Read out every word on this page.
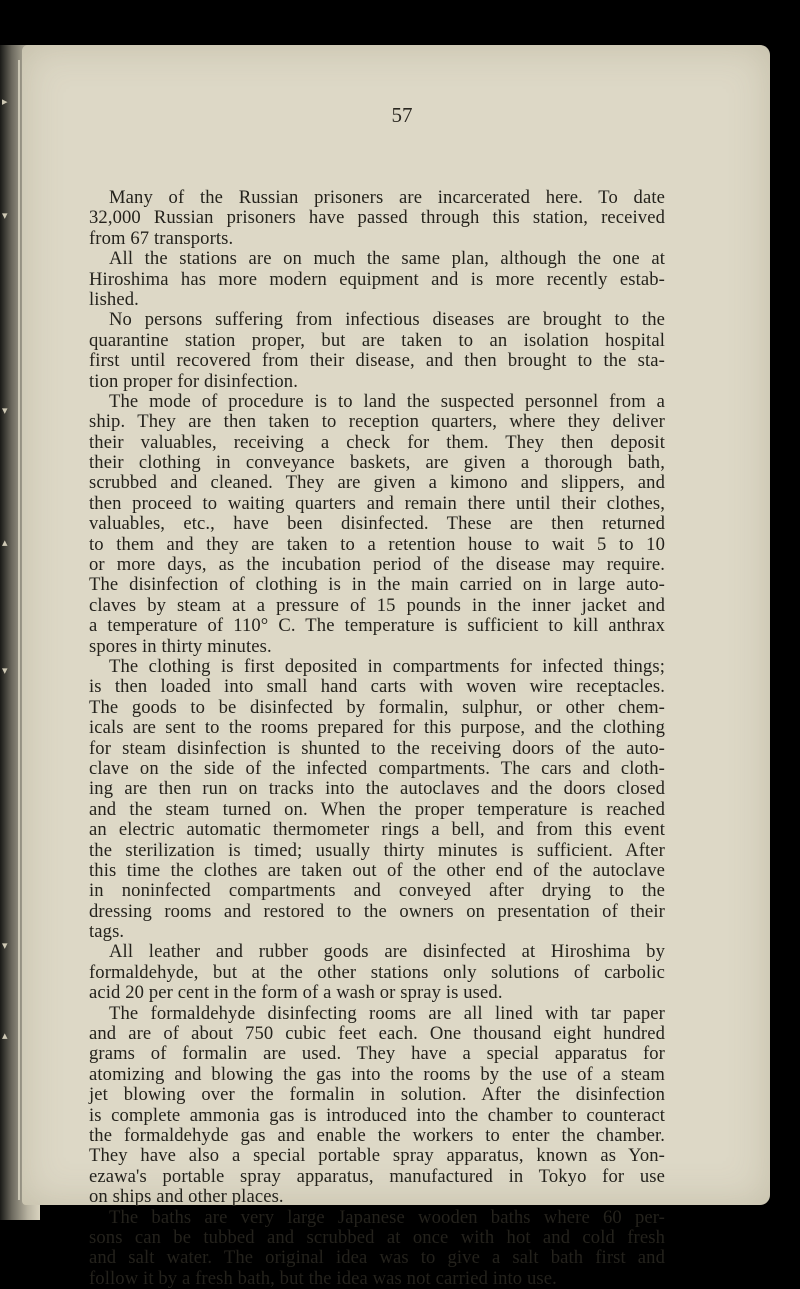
▸
▾
▾
▴
▾
▾
▴
57
Many of the Russian prisoners are incarcerated here. To date
32,000 Russian prisoners have passed through this station, received
from 67 transports.
All the stations are on much the same plan, although the one at
Hiroshima has more modern equipment and is more recently estab-
lished.
No persons suffering from infectious diseases are brought to the
quarantine station proper, but are taken to an isolation hospital
first until recovered from their disease, and then brought to the sta-
tion proper for disinfection.
The mode of procedure is to land the suspected personnel from a
ship. They are then taken to reception quarters, where they deliver
their valuables, receiving a check for them. They then deposit
their clothing in conveyance baskets, are given a thorough bath,
scrubbed and cleaned. They are given a kimono and slippers, and
then proceed to waiting quarters and remain there until their clothes,
valuables, etc., have been disinfected. These are then returned
to them and they are taken to a retention house to wait 5 to 10
or more days, as the incubation period of the disease may require.
The disinfection of clothing is in the main carried on in large auto-
claves by steam at a pressure of 15 pounds in the inner jacket and
a temperature of 110° C. The temperature is sufficient to kill anthrax
spores in thirty minutes.
The clothing is first deposited in compartments for infected things;
is then loaded into small hand carts with woven wire receptacles.
The goods to be disinfected by formalin, sulphur, or other chem-
icals are sent to the rooms prepared for this purpose, and the clothing
for steam disinfection is shunted to the receiving doors of the auto-
clave on the side of the infected compartments. The cars and cloth-
ing are then run on tracks into the autoclaves and the doors closed
and the steam turned on. When the proper temperature is reached
an electric automatic thermometer rings a bell, and from this event
the sterilization is timed; usually thirty minutes is sufficient. After
this time the clothes are taken out of the other end of the autoclave
in noninfected compartments and conveyed after drying to the
dressing rooms and restored to the owners on presentation of their
tags.
All leather and rubber goods are disinfected at Hiroshima by
formaldehyde, but at the other stations only solutions of carbolic
acid 20 per cent in the form of a wash or spray is used.
The formaldehyde disinfecting rooms are all lined with tar paper
and are of about 750 cubic feet each. One thousand eight hundred
grams of formalin are used. They have a special apparatus for
atomizing and blowing the gas into the rooms by the use of a steam
jet blowing over the formalin in solution. After the disinfection
is complete ammonia gas is introduced into the chamber to counteract
the formaldehyde gas and enable the workers to enter the chamber.
They have also a special portable spray apparatus, known as Yon-
ezawa's portable spray apparatus, manufactured in Tokyo for use
on ships and other places.
The baths are very large Japanese wooden baths where 60 per-
sons can be tubbed and scrubbed at once with hot and cold fresh
and salt water. The original idea was to give a salt bath first and
follow it by a fresh bath, but the idea was not carried into use.
